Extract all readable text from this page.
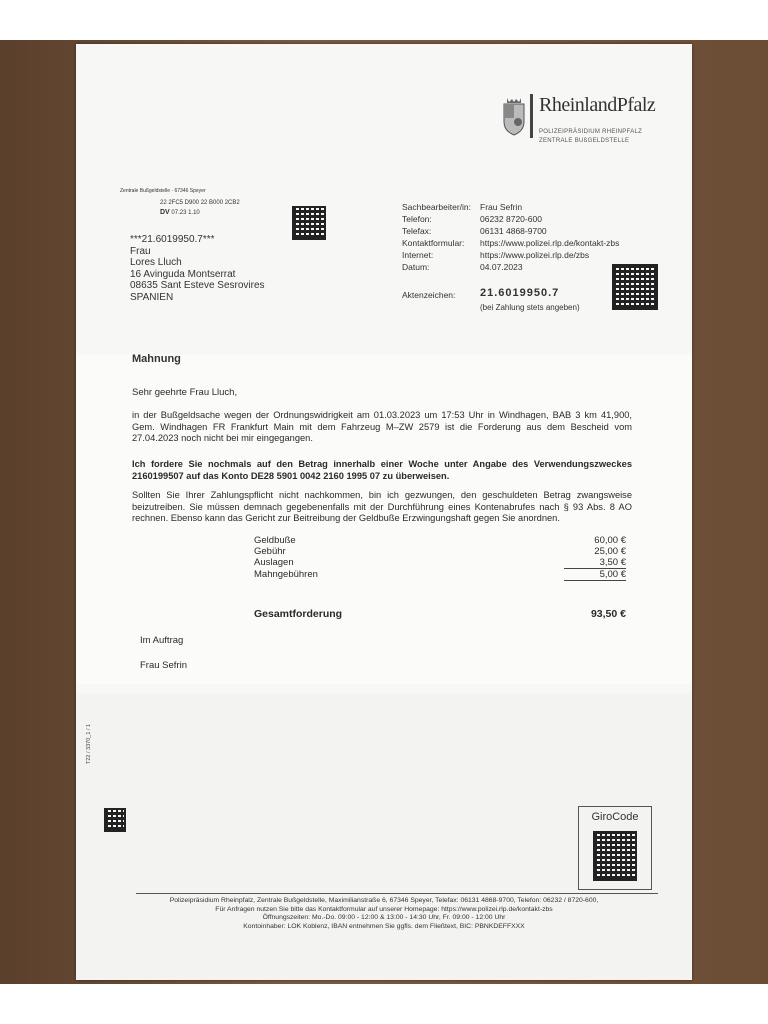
RheinlandPfalz
POLIZEIPRÄSIDIUM RHEINPFALZ
ZENTRALE BUßGELDSTELLE
Zentrale Bußgeldstelle · 67346 Speyer
22 2FC5 D900 22 B000 2CB2
DV 07.23 1.10
***21.6019950.7***
Frau
Lores Lluch
16 Avinguda Montserrat
08635 Sant Esteve Sesrovires
SPANIEN
Sachbearbeiter/in: Frau Sefrin
Telefon:	06232 8720-600
Telefax:	06131 4868-9700
Kontaktformular: https://www.polizei.rlp.de/kontakt-zbs
Internet:	https://www.polizei.rlp.de/zbs
Datum:	04.07.2023
Aktenzeichen: 21.6019950.7
(bei Zahlung stets angeben)
Mahnung
Sehr geehrte Frau Lluch,
in der Bußgeldsache wegen der Ordnungswidrigkeit am 01.03.2023 um 17:53 Uhr in Windhagen, BAB 3 km 41,900, Gem. Windhagen FR Frankfurt Main mit dem Fahrzeug M–ZW 2579 ist die Forderung aus dem Bescheid vom 27.04.2023 noch nicht bei mir eingegangen.
Ich fordere Sie nochmals auf den Betrag innerhalb einer Woche unter Angabe des Verwendungszweckes 2160199507 auf das Konto DE28 5901 0042 2160 1995 07 zu überweisen.
Sollten Sie Ihrer Zahlungspflicht nicht nachkommen, bin ich gezwungen, den geschuldeten Betrag zwangsweise beizutreiben. Sie müssen demnach gegebenenfalls mit der Durchführung eines Kontenabrufes nach § 93 Abs. 8 AO rechnen. Ebenso kann das Gericht zur Beitreibung der Geldbuße Erzwingungshaft gegen Sie anordnen.
Geldbuße	60,00 €
Gebühr	25,00 €
Auslagen	3,50 €
Mahngebühren	5,00 €
Gesamtforderung	93,50 €
Im Auftrag
Frau Sefrin
T22 / 3370_1 / 1
GiroCode
Polizeipräsidium Rheinpfalz, Zentrale Bußgeldstelle, Maximilianstraße 6, 67346 Speyer, Telefax: 06131 4868-9700, Telefon: 06232 / 8720-600,
Für Anfragen nutzen Sie bitte das Kontaktformular auf unserer Homepage: https://www.polizei.rlp.de/kontakt-zbs
Öffnungszeiten: Mo.-Do. 09:00 - 12:00 & 13:00 - 14:30 Uhr, Fr. 09:00 - 12:00 Uhr
Kontoinhaber: LOK Koblenz, IBAN entnehmen Sie ggfls. dem Fließtext, BIC: PBNKDEFFXXX
